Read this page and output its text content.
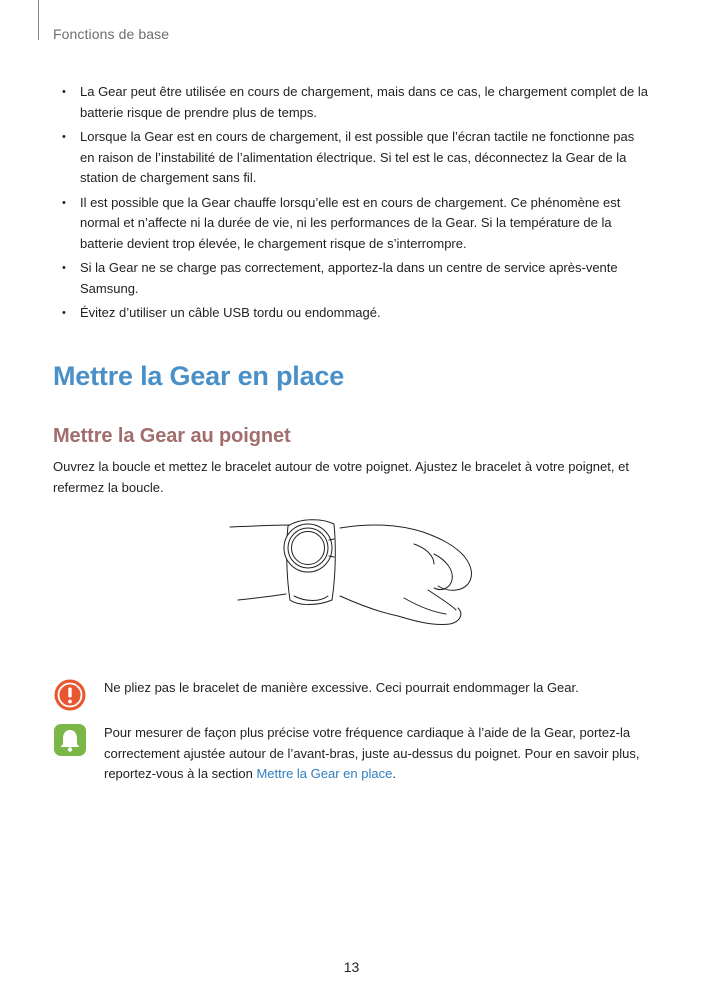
Fonctions de base
• La Gear peut être utilisée en cours de chargement, mais dans ce cas, le chargement complet de la batterie risque de prendre plus de temps.
• Lorsque la Gear est en cours de chargement, il est possible que l’écran tactile ne fonctionne pas en raison de l’instabilité de l’alimentation électrique. Si tel est le cas, déconnectez la Gear de la station de chargement sans fil.
• Il est possible que la Gear chauffe lorsqu’elle est en cours de chargement. Ce phénomène est normal et n’affecte ni la durée de vie, ni les performances de la Gear. Si la température de la batterie devient trop élevée, le chargement risque de s’interrompre.
• Si la Gear ne se charge pas correctement, apportez-la dans un centre de service après-vente Samsung.
• Évitez d’utiliser un câble USB tordu ou endommagé.
Mettre la Gear en place
Mettre la Gear au poignet

Ouvrez la boucle et mettez le bracelet autour de votre poignet. Ajustez le bracelet à votre poignet, et refermez la boucle.

Ne pliez pas le bracelet de manière excessive. Ceci pourrait endommager la Gear.

Pour mesurer de façon plus précise votre fréquence cardiaque à l’aide de la Gear, portez-la correctement ajustée autour de l’avant-bras, juste au-dessus du poignet. Pour en savoir plus, reportez-vous à la section Mettre la Gear en place.

13
